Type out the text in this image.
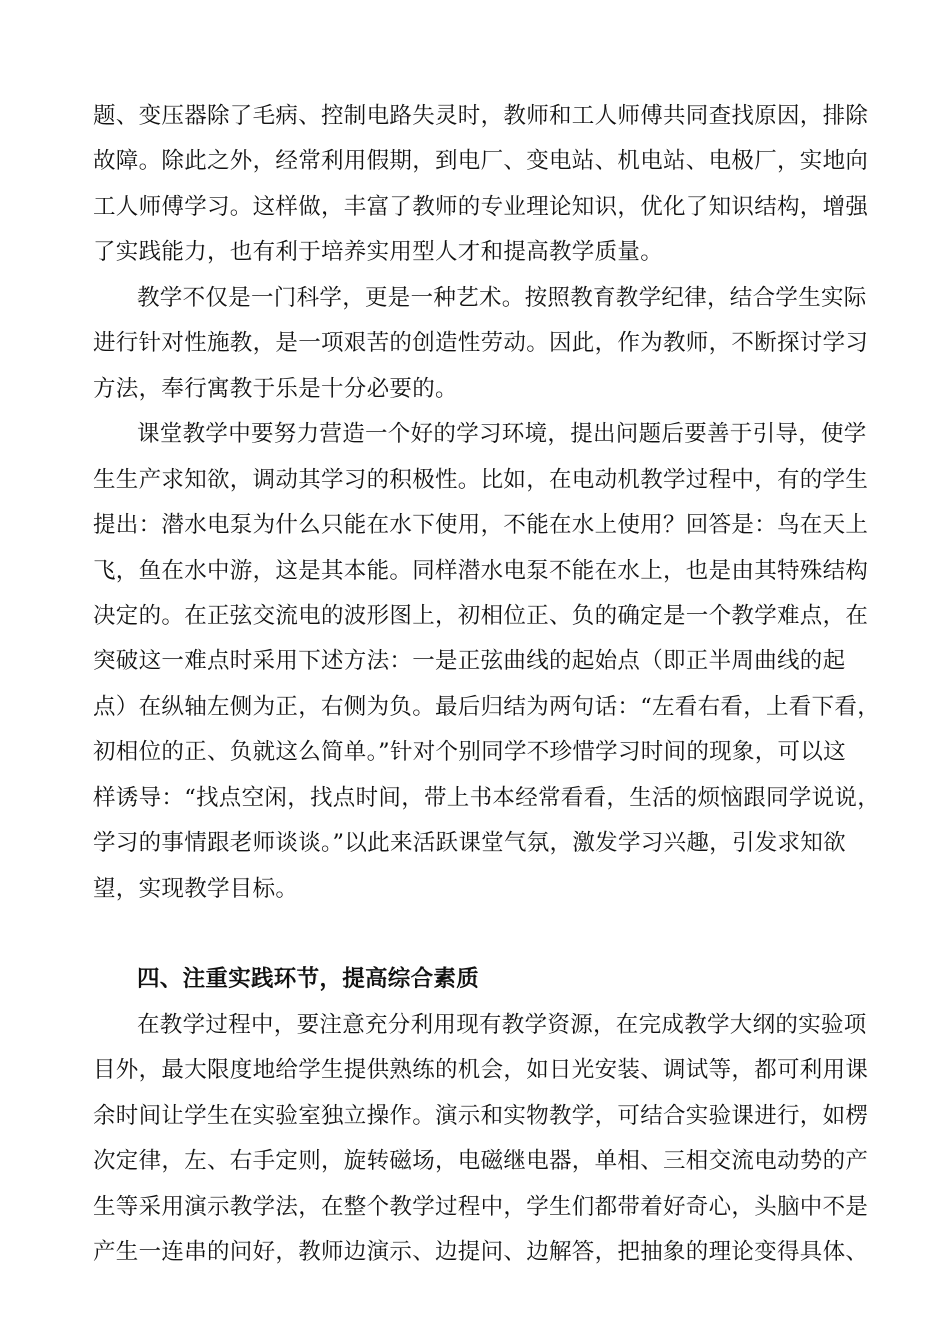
题、变压器除了毛病、控制电路失灵时，教师和工人师傅共同查找原因，排除
故障。除此之外，经常利用假期，到电厂、变电站、机电站、电极厂，实地向
工人师傅学习。这样做，丰富了教师的专业理论知识，优化了知识结构，增强
了实践能力，也有利于培养实用型人才和提高教学质量。
教学不仅是一门科学，更是一种艺术。按照教育教学纪律，结合学生实际
进行针对性施教，是一项艰苦的创造性劳动。因此，作为教师，不断探讨学习
方法，奉行寓教于乐是十分必要的。
课堂教学中要努力营造一个好的学习环境，提出问题后要善于引导，使学
生生产求知欲，调动其学习的积极性。比如，在电动机教学过程中，有的学生
提出：潜水电泵为什么只能在水下使用，不能在水上使用？回答是：鸟在天上
飞，鱼在水中游，这是其本能。同样潜水电泵不能在水上，也是由其特殊结构
决定的。在正弦交流电的波形图上，初相位正、负的确定是一个教学难点，在
突破这一难点时采用下述方法：一是正弦曲线的起始点（即正半周曲线的起
点）在纵轴左侧为正，右侧为负。最后归结为两句话：“左看右看，上看下看，
初相位的正、负就这么简单。”针对个别同学不珍惜学习时间的现象，可以这
样诱导：“找点空闲，找点时间，带上书本经常看看，生活的烦恼跟同学说说，
学习的事情跟老师谈谈。”以此来活跃课堂气氛，激发学习兴趣，引发求知欲
望，实现教学目标。
四、注重实践环节，提高综合素质
在教学过程中，要注意充分利用现有教学资源，在完成教学大纲的实验项
目外，最大限度地给学生提供熟练的机会，如日光安装、调试等，都可利用课
余时间让学生在实验室独立操作。演示和实物教学，可结合实验课进行，如楞
次定律，左、右手定则，旋转磁场，电磁继电器，单相、三相交流电动势的产
生等采用演示教学法，在整个教学过程中，学生们都带着好奇心，头脑中不是
产生一连串的问好，教师边演示、边提问、边解答，把抽象的理论变得具体、
